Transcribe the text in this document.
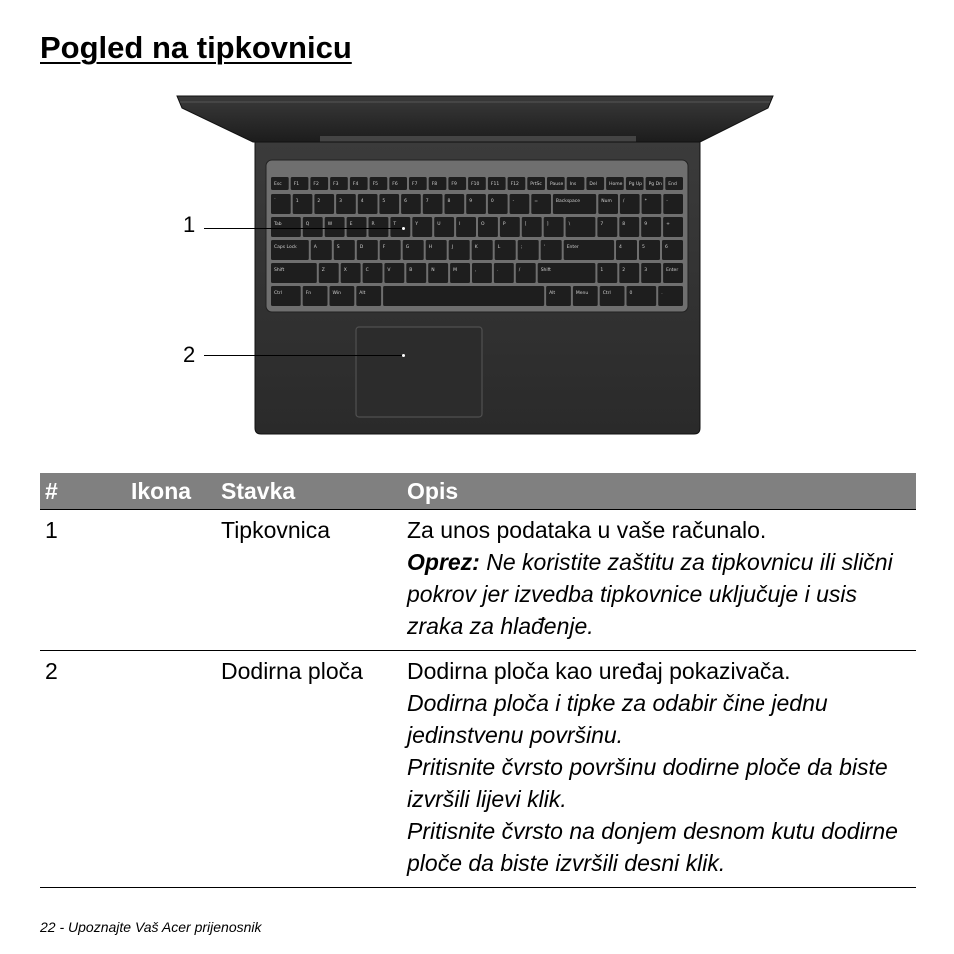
Pogled na tipkovnicu
Esc	F1	F2	F3	F4	F5	F6	F7	F8	F9	F10	F11	F12	PrtSc Pause Ins	Del	Home Pg Up Pg Dn End
`	1	2	3	4	5	6	7	8	9	0	-	=	Backspace	Num /	*	-
Tab	Q	W	E	R	T	Y	U	I	O	P	[	]	\	7	8	9	+
Caps Lock	A	S	D	F	G	H	J	K	L	;	'	Enter	4	5	6
Shift	Z	X	C	V	B	N	M	,	.	/	Shift	1	2	3	Enter
Ctrl	Fn	Win	Alt	Alt	Menu	Ctrl	0	.
1
2
#	Ikona	Stavka	Opis
1		Tipkovnica	Za unos podataka u vaše računalo.

Oprez: Ne koristite zaštitu za tipkovnicu ili slični pokrov jer izvedba tipkovnice uključuje i usis zraka za hlađenje.

2		Dodirna ploča	Dodirna ploča kao uređaj pokazivača.

Dodirna ploča i tipke za odabir čine jednu jedinstvenu površinu.

Pritisnite čvrsto površinu dodirne ploče da biste izvršili lijevi klik.

Pritisnite čvrsto na donjem desnom kutu dodirne ploče da biste izvršili desni klik.

22 - Upoznajte Vaš Acer prijenosnik
